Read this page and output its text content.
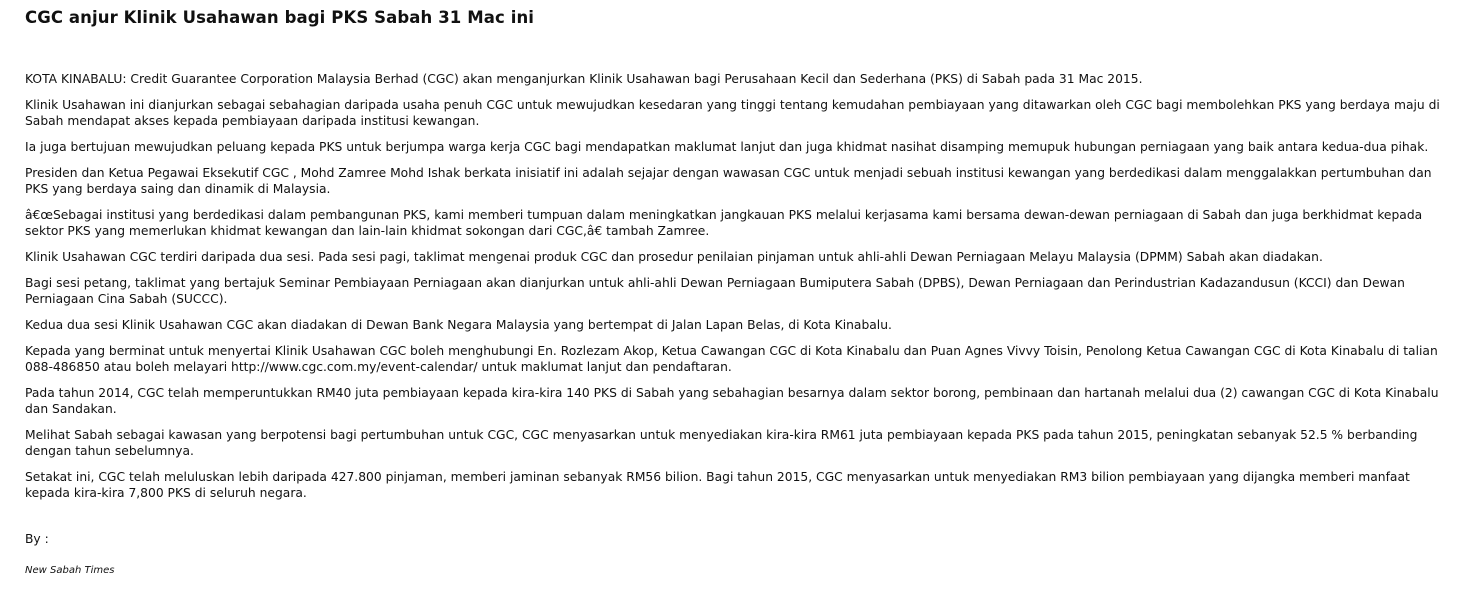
CGC anjur Klinik Usahawan bagi PKS Sabah 31 Mac ini

KOTA KINABALU: Credit Guarantee Corporation Malaysia Berhad (CGC) akan menganjurkan Klinik Usahawan bagi Perusahaan Kecil dan Sederhana (PKS) di Sabah pada 31 Mac 2015.

Klinik Usahawan ini dianjurkan sebagai sebahagian daripada usaha penuh CGC untuk mewujudkan kesedaran yang tinggi tentang kemudahan pembiayaan yang ditawarkan oleh CGC bagi membolehkan PKS yang berdaya maju di Sabah mendapat akses kepada pembiayaan daripada institusi kewangan.

Ia juga bertujuan mewujudkan peluang kepada PKS untuk berjumpa warga kerja CGC bagi mendapatkan maklumat lanjut dan juga khidmat nasihat disamping memupuk hubungan perniagaan yang baik antara kedua-dua pihak.

Presiden dan Ketua Pegawai Eksekutif CGC , Mohd Zamree Mohd Ishak berkata inisiatif ini adalah sejajar dengan wawasan CGC untuk menjadi sebuah institusi kewangan yang berdedikasi dalam menggalakkan pertumbuhan dan PKS yang berdaya saing dan dinamik di Malaysia.

â€œSebagai institusi yang berdedikasi dalam pembangunan PKS, kami memberi tumpuan dalam meningkatkan jangkauan PKS melalui kerjasama kami bersama dewan-dewan perniagaan di Sabah dan juga berkhidmat kepada sektor PKS yang memerlukan khidmat kewangan dan lain-lain khidmat sokongan dari CGC,â€ tambah Zamree.

Klinik Usahawan CGC terdiri daripada dua sesi. Pada sesi pagi, taklimat mengenai produk CGC dan prosedur penilaian pinjaman untuk ahli-ahli Dewan Perniagaan Melayu Malaysia (DPMM) Sabah akan diadakan.

Bagi sesi petang, taklimat yang bertajuk Seminar Pembiayaan Perniagaan akan dianjurkan untuk ahli-ahli Dewan Perniagaan Bumiputera Sabah (DPBS), Dewan Perniagaan dan Perindustrian Kadazandusun (KCCI) dan Dewan Perniagaan Cina Sabah (SUCCC).

Kedua dua sesi Klinik Usahawan CGC akan diadakan di Dewan Bank Negara Malaysia yang bertempat di Jalan Lapan Belas, di Kota Kinabalu.

Kepada yang berminat untuk menyertai Klinik Usahawan CGC boleh menghubungi En. Rozlezam Akop, Ketua Cawangan CGC di Kota Kinabalu dan Puan Agnes Vivvy Toisin, Penolong Ketua Cawangan CGC di Kota Kinabalu di talian 088-486850 atau boleh melayari http://www.cgc.com.my/event-calendar/ untuk maklumat lanjut dan pendaftaran.

Pada tahun 2014, CGC telah memperuntukkan RM40 juta pembiayaan kepada kira-kira 140 PKS di Sabah yang sebahagian besarnya dalam sektor borong, pembinaan dan hartanah melalui dua (2) cawangan CGC di Kota Kinabalu dan Sandakan.

Melihat Sabah sebagai kawasan yang berpotensi bagi pertumbuhan untuk CGC, CGC menyasarkan untuk menyediakan kira-kira RM61 juta pembiayaan kepada PKS pada tahun 2015, peningkatan sebanyak 52.5 % berbanding dengan tahun sebelumnya.

Setakat ini, CGC telah meluluskan lebih daripada 427.800 pinjaman, memberi jaminan sebanyak RM56 bilion. Bagi tahun 2015, CGC menyasarkan untuk menyediakan RM3 bilion pembiayaan yang dijangka memberi manfaat kepada kira-kira 7,800 PKS di seluruh negara.

By :
New Sabah Times
